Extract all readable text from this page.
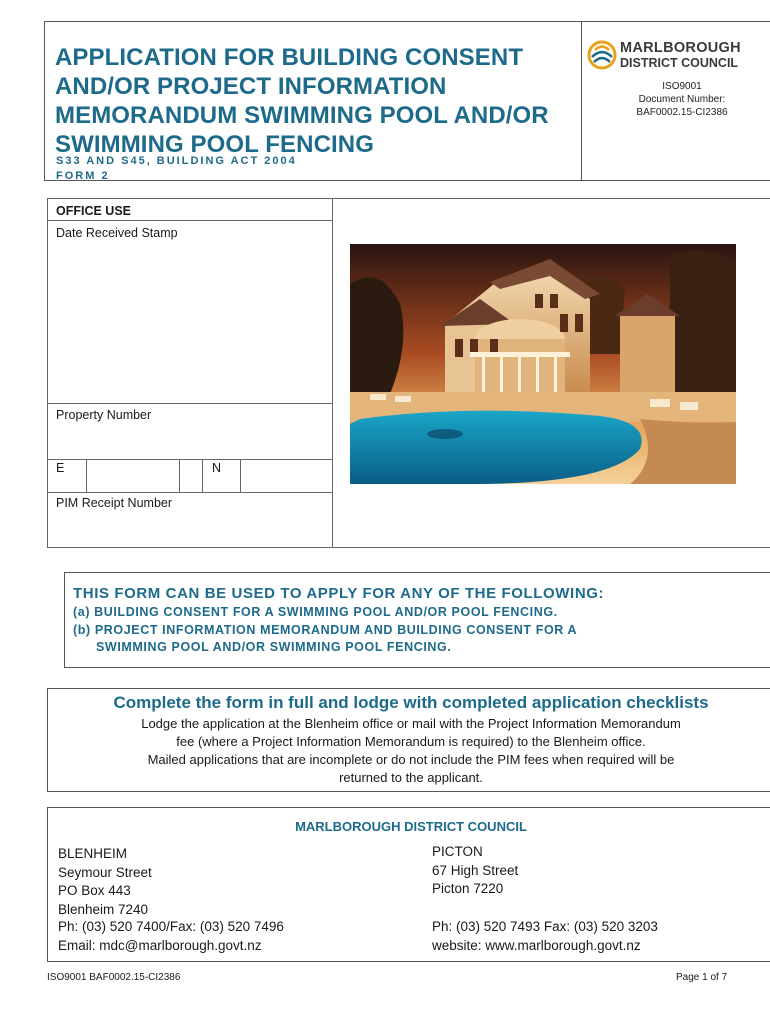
APPLICATION FOR BUILDING CONSENT
AND/OR PROJECT INFORMATION
MEMORANDUM SWIMMING POOL AND/OR
SWIMMING POOL FENCING
S33 AND S45, BUILDING ACT 2004
FORM 2
MARLBOROUGH
DISTRICT COUNCIL
ISO9001
Document Number:
BAF0002.15-CI2386
OFFICE USE
Date Received Stamp
Property Number
E	N
PIM Receipt Number
THIS FORM CAN BE USED TO APPLY FOR ANY OF THE FOLLOWING:
(a) BUILDING CONSENT FOR A SWIMMING POOL AND/OR POOL FENCING.
(b) PROJECT INFORMATION MEMORANDUM AND BUILDING CONSENT FOR A
SWIMMING POOL AND/OR SWIMMING POOL FENCING.
Complete the form in full and lodge with completed application checklists
Lodge the application at the Blenheim office or mail with the Project Information Memorandum
fee (where a Project Information Memorandum is required) to the Blenheim office.
Mailed applications that are incomplete or do not include the PIM fees when required will be
returned to the applicant.
MARLBOROUGH DISTRICT COUNCIL
BLENHEIM
Seymour Street
PO Box 443
Blenheim 7240
PICTON
67 High Street
Picton 7220
Ph: (03) 520 7400/Fax: (03) 520 7496
Email: mdc@marlborough.govt.nz
Ph: (03) 520 7493 Fax: (03) 520 3203
website: www.marlborough.govt.nz
ISO9001 BAF0002.15-CI2386	Page 1 of 7
